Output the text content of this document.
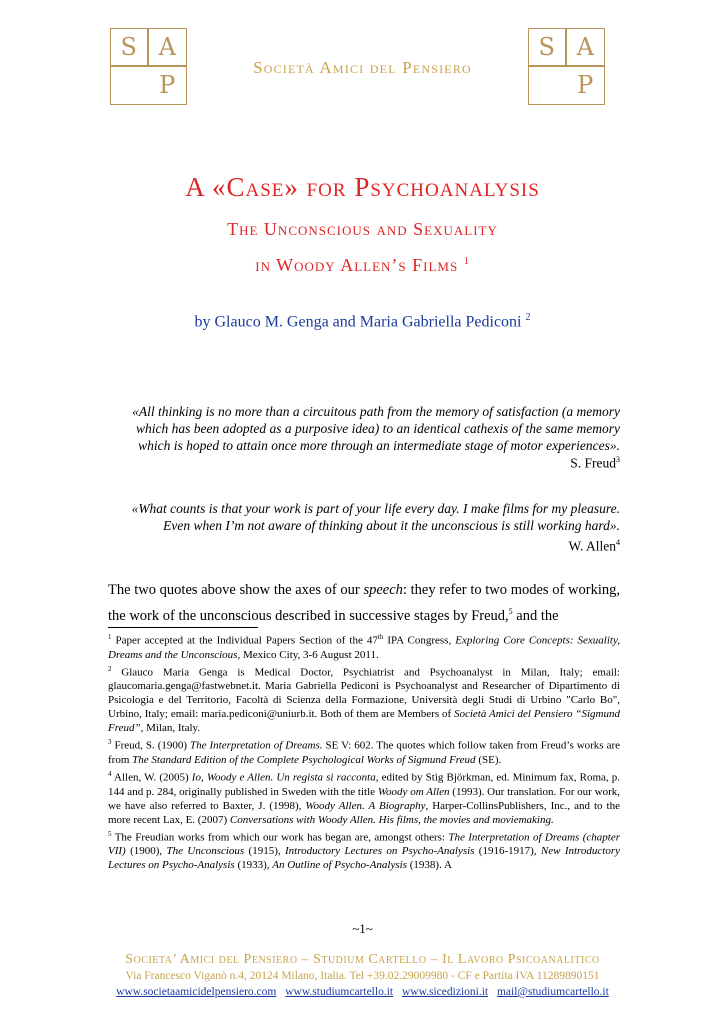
S A
P
Società Amici del Pensiero
S A
P
A «Case» for Psychoanalysis
The Unconscious and Sexuality
in Woody Allen’s Films $^1$
by Glauco M. Genga and Maria Gabriella Pediconi $^2$
«All thinking is no more than a circuitous path from the memory of satisfaction (a memory which has been adopted as a purposive idea) to an identical cathexis of the same memory which is hoped to attain once more through an intermediate stage of motor experiences».
S. Freud$^3$
«What counts is that your work is part of your life every day. I make films for my pleasure. Even when I’m not aware of thinking about it the unconscious is still working hard».
W. Allen$^4$
The two quotes above show the axes of our speech: they refer to two modes of working, the work of the unconscious described in successive stages by Freud,$^5$ and the

$^1$ Paper accepted at the Individual Papers Section of the 47th IPA Congress, Exploring Core Concepts: Sexuality, Dreams and the Unconscious, Mexico City, 3-6 August 2011.

$^2$ Glauco Maria Genga is Medical Doctor, Psychiatrist and Psychoanalyst in Milan, Italy; email: glaucomaria.genga@fastwebnet.it. Maria Gabriella Pediconi is Psychoanalyst and Researcher of Dipartimento di Psicologia e del Territorio, Facoltà di Scienza della Formazione, Università degli Studi di Urbino "Carlo Bo", Urbino, Italy; email: maria.pediconi@uniurb.it. Both of them are Members of Società Amici del Pensiero “Sigmund Freud”, Milan, Italy.

$^3$ Freud, S. (1900) The Interpretation of Dreams. SE V: 602. The quotes which follow taken from Freud’s works are from The Standard Edition of the Complete Psychological Works of Sigmund Freud (SE).

$^4$ Allen, W. (2005) Io, Woody e Allen. Un regista si racconta, edited by Stig Björkman, ed. Minimum fax, Roma, p. 144 and p. 284, originally published in Sweden with the title Woody om Allen (1993). Our translation. For our work, we have also referred to Baxter, J. (1998), Woody Allen. A Biography, Harper-CollinsPublishers, Inc., and to the more recent Lax, E. (2007) Conversations with Woody Allen. His films, the movies and moviemaking.

$^5$ The Freudian works from which our work has began are, amongst others: The Interpretation of Dreams (chapter VII) (1900), The Unconscious (1915), Introductory Lectures on Psycho-Analysis (1916-1917), New Introductory Lectures on Psycho-Analysis (1933), An Outline of Psycho-Analysis (1938). A

~1~
Societa’ Amici del Pensiero – Studium Cartello – Il Lavoro Psicoanalitico
Via Francesco Viganò n.4, 20124 Milano, Italia. Tel +39.02.29009980 - CF e Partita IVA 11289890151
www.societaamicidelpensiero.com www.studiumcartello.it www.sicedizioni.it mail@studiumcartello.it
